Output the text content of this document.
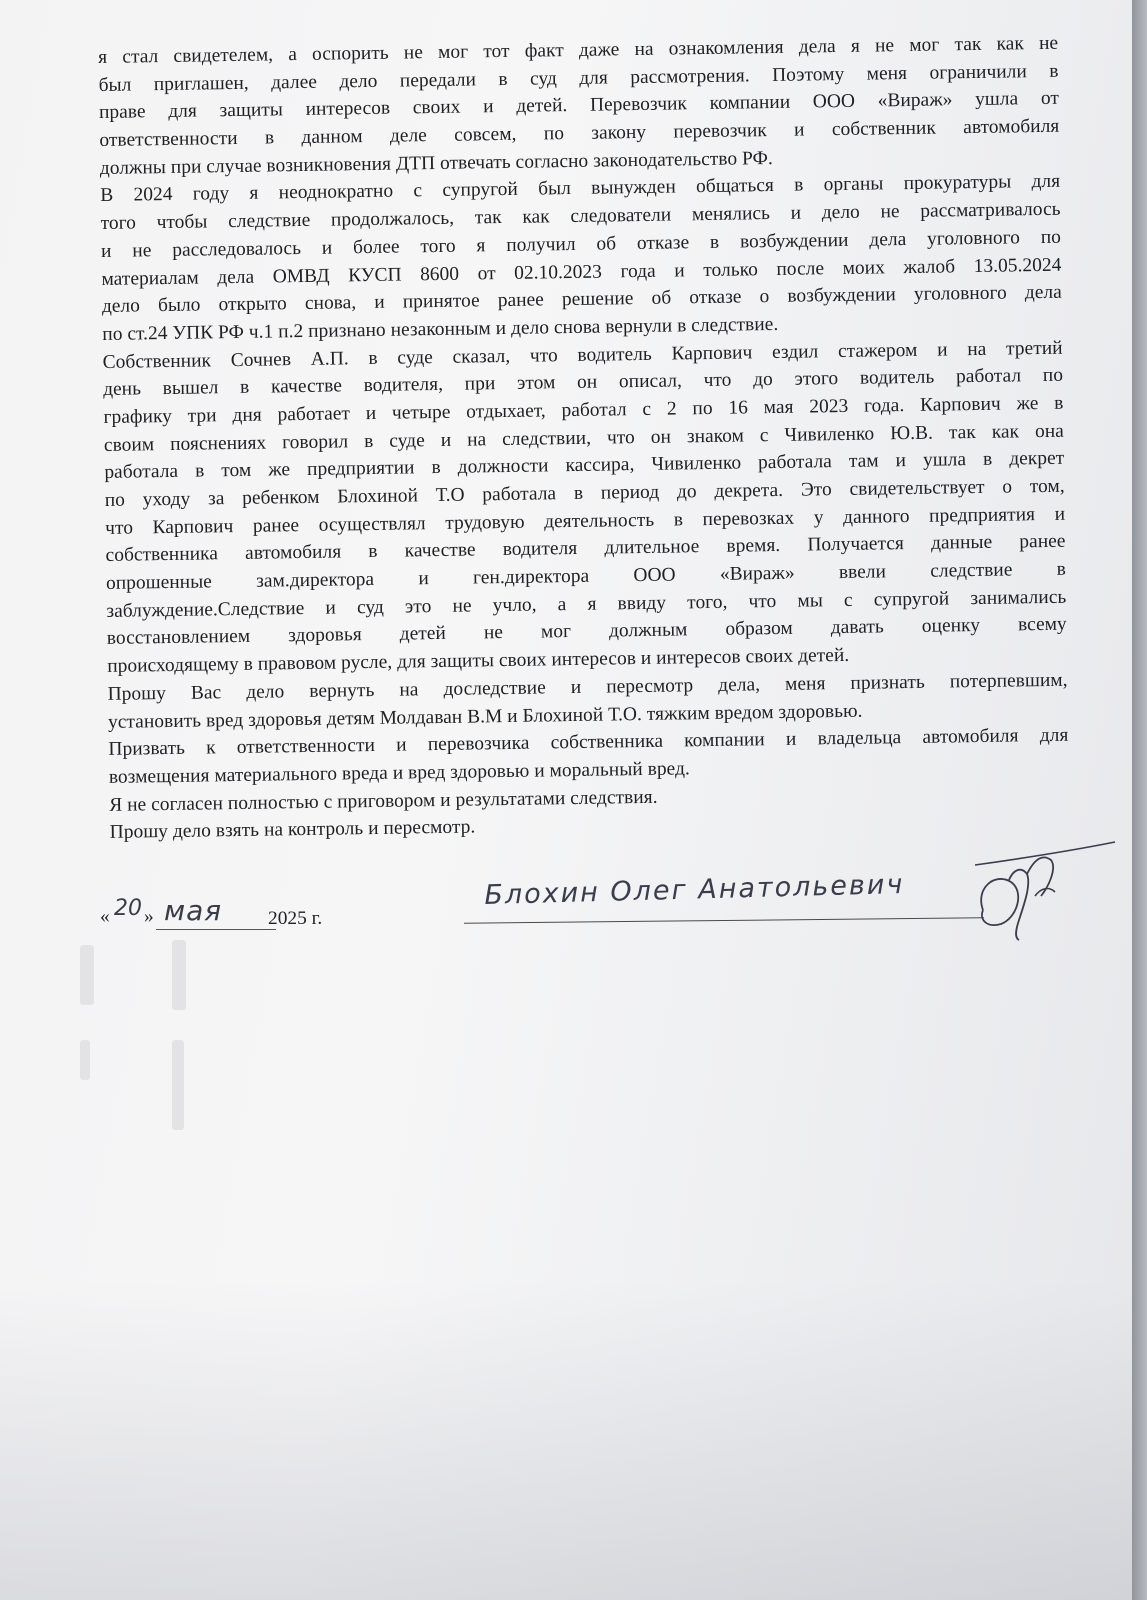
я стал свидетелем, а оспорить не мог тот факт даже на ознакомления дела я не мог так как не
был приглашен, далее дело передали в суд для рассмотрения. Поэтому меня ограничили в
праве для защиты интересов своих и детей. Перевозчик компании ООО «Вираж» ушла от
ответственности в данном деле совсем, по закону перевозчик и собственник автомобиля
должны при случае возникновения ДТП отвечать согласно законодательство РФ.
В 2024 году я неоднократно с супругой был вынужден общаться в органы прокуратуры для
того чтобы следствие продолжалось, так как следователи менялись и дело не рассматривалось
и не расследовалось и более того я получил об отказе в возбуждении дела уголовного по
материалам дела ОМВД КУСП 8600 от 02.10.2023 года и только после моих жалоб 13.05.2024
дело было открыто снова, и принятое ранее решение об отказе о возбуждении уголовного дела
по ст.24 УПК РФ ч.1 п.2 признано незаконным и дело снова вернули в следствие.
Собственник Сочнев А.П. в суде сказал, что водитель Карпович ездил стажером и на третий
день вышел в качестве водителя, при этом он описал, что до этого водитель работал по
графику три дня работает и четыре отдыхает, работал с 2 по 16 мая 2023 года. Карпович же в
своим пояснениях говорил в суде и на следствии, что он знаком с Чивиленко Ю.В. так как она
работала в том же предприятии в должности кассира, Чивиленко работала там и ушла в декрет
по уходу за ребенком Блохиной Т.О работала в период до декрета. Это свидетельствует о том,
что Карпович ранее осуществлял трудовую деятельность в перевозках у данного предприятия и
собственника автомобиля в качестве водителя длительное время. Получается данные ранее
опрошенные зам.директора и ген.директора ООО «Вираж» ввели следствие в
заблуждение.Следствие и суд это не учло, а я ввиду того, что мы с супругой занимались
восстановлением здоровья детей не мог должным образом давать оценку всему
происходящему в правовом русле, для защиты своих интересов и интересов своих детей.
Прошу Вас дело вернуть на доследствие и пересмотр дела, меня признать потерпевшим,
установить вред здоровья детям Молдаван В.М и Блохиной Т.О. тяжким вредом здоровью.
Призвать к ответственности и перевозчика собственника компании и владельца автомобиля для
возмещения материального вреда и вред здоровью и моральный вред.
Я не согласен полностью с приговором и результатами следствия.
Прошу дело взять на контроль и пересмотр.
« 20 » мая 2025 г.
Блохин Олег Анатольевич
